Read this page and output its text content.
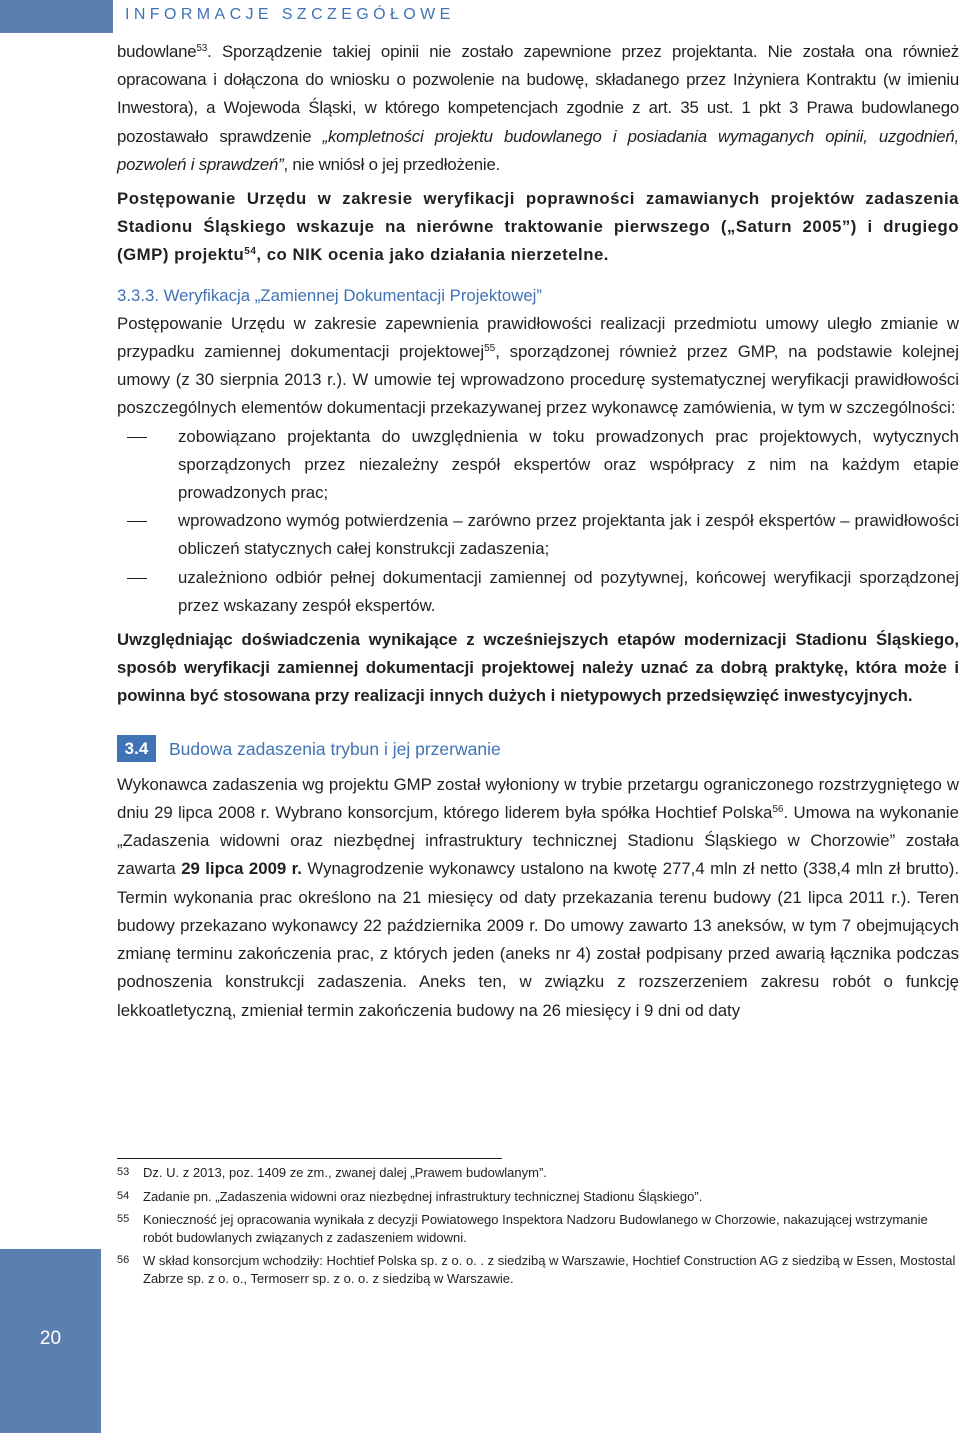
INFORMACJE SZCZEGÓŁOWE

budowlane$^{53}$. Sporządzenie takiej opinii nie zostało zapewnione przez projektanta. Nie została ona również opracowana i dołączona do wniosku o pozwolenie na budowę, składanego przez Inżyniera Kontraktu (w imieniu Inwestora), a Wojewoda Śląski, w którego kompetencjach zgodnie z art. 35 ust. 1 pkt 3 Prawa budowlanego pozostawało sprawdzenie „kompletności projektu budowlanego i posiadania wymaganych opinii, uzgodnień, pozwoleń i sprawdzeń”, nie wniósł o jej przedłożenie.

Postępowanie Urzędu w zakresie weryfikacji poprawności zamawianych projektów zadaszenia Stadionu Śląskiego wskazuje na nierówne traktowanie pierwszego („Saturn 2005”) i drugiego (GMP) projektu$^{54}$, co NIK ocenia jako działania nierzetelne.

3.3.3. Weryfikacja „Zamiennej Dokumentacji Projektowej”

Postępowanie Urzędu w zakresie zapewnienia prawidłowości realizacji przedmiotu umowy uległo zmianie w przypadku zamiennej dokumentacji projektowej$^{55}$, sporządzonej również przez GMP, na podstawie kolejnej umowy (z 30 sierpnia 2013 r.). W umowie tej wprowadzono procedurę systematycznej weryfikacji prawidłowości poszczególnych elementów dokumentacji przekazywanej przez wykonawcę zamówienia, w tym w szczególności:

zobowiązano projektanta do uwzględnienia w toku prowadzonych prac projektowych, wytycznych sporządzonych przez niezależny zespół ekspertów oraz współpracy z nim na każdym etapie prowadzonych prac;
wprowadzono wymóg potwierdzenia – zarówno przez projektanta jak i zespół ekspertów – prawidłowości obliczeń statycznych całej konstrukcji zadaszenia;
uzależniono odbiór pełnej dokumentacji zamiennej od pozytywnej, końcowej weryfikacji sporządzonej przez wskazany zespół ekspertów.

Uwzględniając doświadczenia wynikające z wcześniejszych etapów modernizacji Stadionu Śląskiego, sposób weryfikacji zamiennej dokumentacji projektowej należy uznać za dobrą praktykę, która może i powinna być stosowana przy realizacji innych dużych i nietypowych przedsięwzięć inwestycyjnych.

3.4	Budowa zadaszenia trybun i jej przerwanie

Wykonawca zadaszenia wg projektu GMP został wyłoniony w trybie przetargu ograniczonego rozstrzygniętego w dniu 29 lipca 2008 r. Wybrano konsorcjum, którego liderem była spółka Hochtief Polska$^{56}$. Umowa na wykonanie „Zadaszenia widowni oraz niezbędnej infrastruktury technicznej Stadionu Śląskiego w Chorzowie” została zawarta 29 lipca 2009 r. Wynagrodzenie wykonawcy ustalono na kwotę 277,4 mln zł netto (338,4 mln zł brutto). Termin wykonania prac określono na 21 miesięcy od daty przekazania terenu budowy (21 lipca 2011 r.). Teren budowy przekazano wykonawcy 22 października 2009 r. Do umowy zawarto 13 aneksów, w tym 7 obejmujących zmianę terminu zakończenia prac, z których jeden (aneks nr 4) został podpisany przed awarią łącznika podczas podnoszenia konstrukcji zadaszenia. Aneks ten, w związku z rozszerzeniem zakresu robót o funkcję lekkoatletyczną, zmieniał termin zakończenia budowy na 26 miesięcy i 9 dni od daty

53	Dz. U. z 2013, poz. 1409 ze zm., zwanej dalej „Prawem budowlanym”.
54	Zadanie pn. „Zadaszenia widowni oraz niezbędnej infrastruktury technicznej Stadionu Śląskiego”.
55	Konieczność jej opracowania wynikała z decyzji Powiatowego Inspektora Nadzoru Budowlanego w Chorzowie, nakazującej wstrzymanie robót budowlanych związanych z zadaszeniem widowni.
56	W skład konsorcjum wchodziły: Hochtief Polska sp. z o. o. . z siedzibą w Warszawie, Hochtief Construction AG z siedzibą w Essen, Mostostal Zabrze sp. z o. o., Termoserr sp. z o. o. z siedzibą w Warszawie.
20
